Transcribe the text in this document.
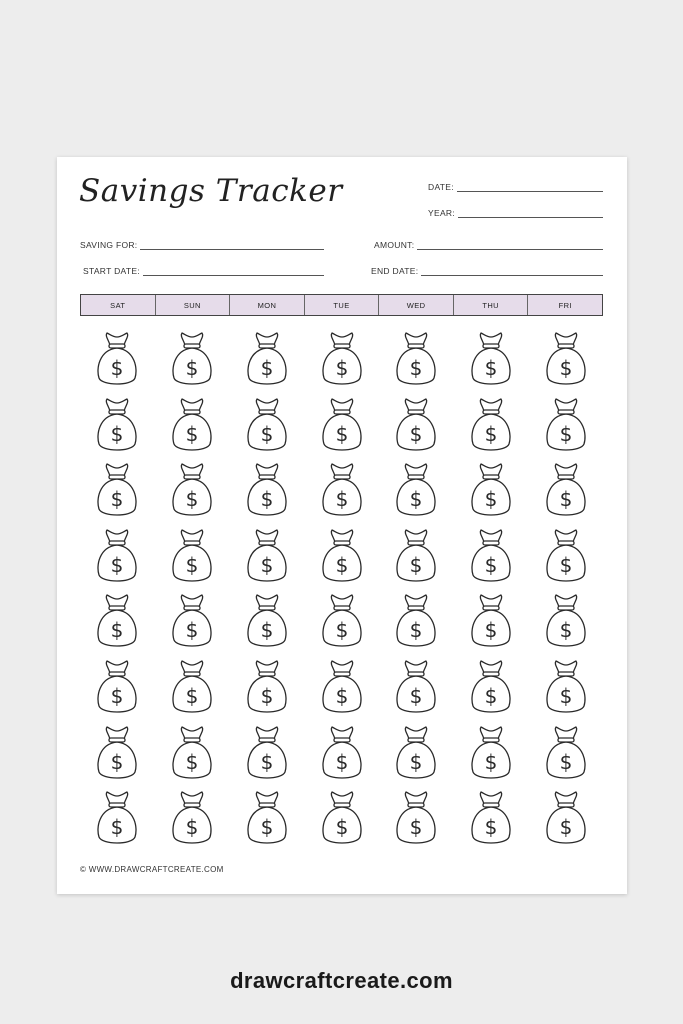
Savings Tracker	DATE:
YEAR:
SAVING FOR:	AMOUNT:
START DATE:	END DATE:
SAT	SUN	MON	TUE	WED	THU	FRI
$	$	$	$	$	$	$
$	$	$	$	$	$	$
$	$	$	$	$	$	$
$	$	$	$	$	$	$
$	$	$	$	$	$	$
$	$	$	$	$	$	$
$	$	$	$	$	$	$
$	$	$	$	$	$	$
© WWW.DRAWCRAFTCREATE.COM
drawcraftcreate.com
